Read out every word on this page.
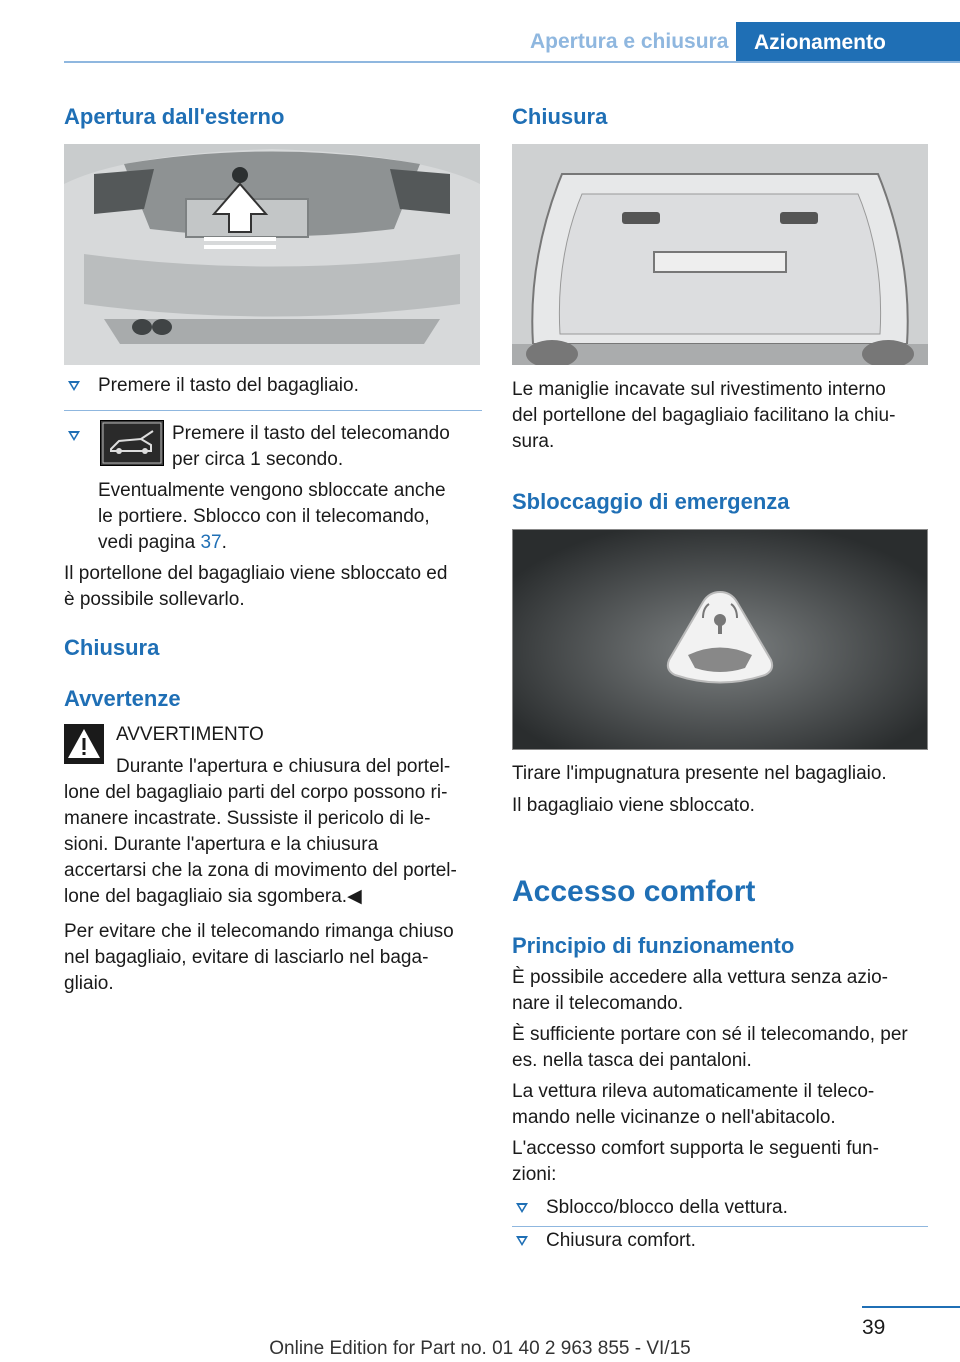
Apertura e chiusura	Azionamento
Apertura dall'esterno
Premere il tasto del bagagliaio.
Premere il tasto del telecomando
per circa 1 secondo.
Eventualmente vengono sbloccate anche
le portiere. Sblocco con il telecomando,
vedi pagina 37.
Il portellone del bagagliaio viene sbloccato ed
è possibile sollevarlo.
Chiusura
Avvertenze
AVVERTIMENTO
Durante l'apertura e chiusura del portel-
lone del bagagliaio parti del corpo possono ri-
manere incastrate. Sussiste il pericolo di le-
sioni. Durante l'apertura e la chiusura
accertarsi che la zona di movimento del portel-
lone del bagagliaio sia sgombera.◀
Per evitare che il telecomando rimanga chiuso
nel bagagliaio, evitare di lasciarlo nel baga-
gliaio.
Chiusura
Le maniglie incavate sul rivestimento interno
del portellone del bagagliaio facilitano la chiu-
sura.
Sbloccaggio di emergenza
Tirare l'impugnatura presente nel bagagliaio.
Il bagagliaio viene sbloccato.
Accesso comfort
Principio di funzionamento
È possibile accedere alla vettura senza azio-
nare il telecomando.
È sufficiente portare con sé il telecomando, per
es. nella tasca dei pantaloni.
La vettura rileva automaticamente il teleco-
mando nelle vicinanze o nell'abitacolo.
L'accesso comfort supporta le seguenti fun-
zioni:
Sblocco/blocco della vettura.
Chiusura comfort.
39
Online Edition for Part no. 01 40 2 963 855 - VI/15
